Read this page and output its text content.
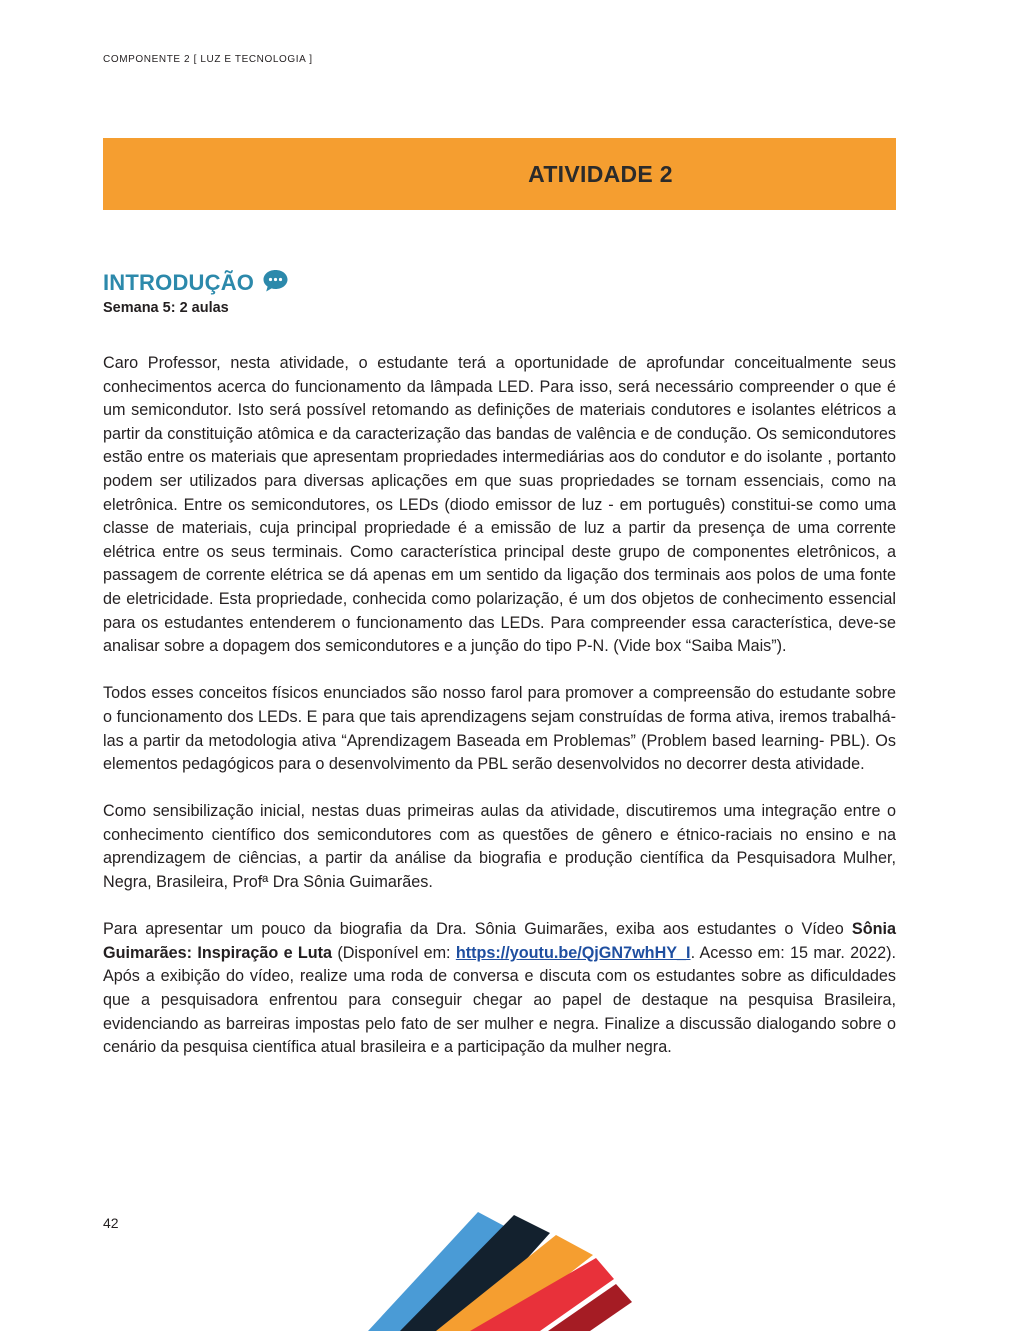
COMPONENTE 2 [ LUZ E TECNOLOGIA ]
ATIVIDADE 2
INTRODUÇÃO
Semana 5: 2 aulas

Caro Professor, nesta atividade, o estudante terá a oportunidade de aprofundar conceitualmente seus conhecimentos acerca do funcionamento da lâmpada LED. Para isso, será necessário compreender o que é um semicondutor. Isto será possível retomando as definições de materiais condutores e isolantes elétricos a partir da constituição atômica e da caracterização das bandas de valência e de condução. Os semicondutores estão entre os materiais que apresentam propriedades intermediárias aos do condutor e do isolante , portanto podem ser utilizados para diversas aplicações em que suas propriedades se tornam essenciais, como na eletrônica. Entre os semicondutores, os LEDs (diodo emissor de luz - em português) constitui-se como uma classe de materiais, cuja principal propriedade é a emissão de luz a partir da presença de uma corrente elétrica entre os seus terminais. Como característica principal deste grupo de componentes eletrônicos, a passagem de corrente elétrica se dá apenas em um sentido da ligação dos terminais aos polos de uma fonte de eletricidade. Esta propriedade, conhecida como polarização, é um dos objetos de conhecimento essencial para os estudantes entenderem o funcionamento das LEDs. Para compreender essa característica, deve-se analisar sobre a dopagem dos semicondutores e a junção do tipo P-N. (Vide box “Saiba Mais”).

Todos esses conceitos físicos enunciados são nosso farol para promover a compreensão do estudante sobre o funcionamento dos LEDs. E para que tais aprendizagens sejam construídas de forma ativa, iremos trabalhá-las a partir da metodologia ativa “Aprendizagem Baseada em Problemas” (Problem based learning- PBL). Os elementos pedagógicos para o desenvolvimento da PBL serão desenvolvidos no decorrer desta atividade.

Como sensibilização inicial, nestas duas primeiras aulas da atividade, discutiremos uma integração entre o conhecimento científico dos semicondutores com as questões de gênero e étnico-raciais no ensino e na aprendizagem de ciências, a partir da análise da biografia e produção científica da Pesquisadora Mulher, Negra, Brasileira, Profª Dra Sônia Guimarães.

Para apresentar um pouco da biografia da Dra. Sônia Guimarães, exiba aos estudantes o Vídeo Sônia Guimarães: Inspiração e Luta (Disponível em: https://youtu.be/QjGN7whHY_I. Acesso em: 15 mar. 2022). Após a exibição do vídeo, realize uma roda de conversa e discuta com os estudantes sobre as dificuldades que a pesquisadora enfrentou para conseguir chegar ao papel de destaque na pesquisa Brasileira, evidenciando as barreiras impostas pelo fato de ser mulher e negra. Finalize a discussão dialogando sobre o cenário da pesquisa científica atual brasileira e a participação da mulher negra.

42
